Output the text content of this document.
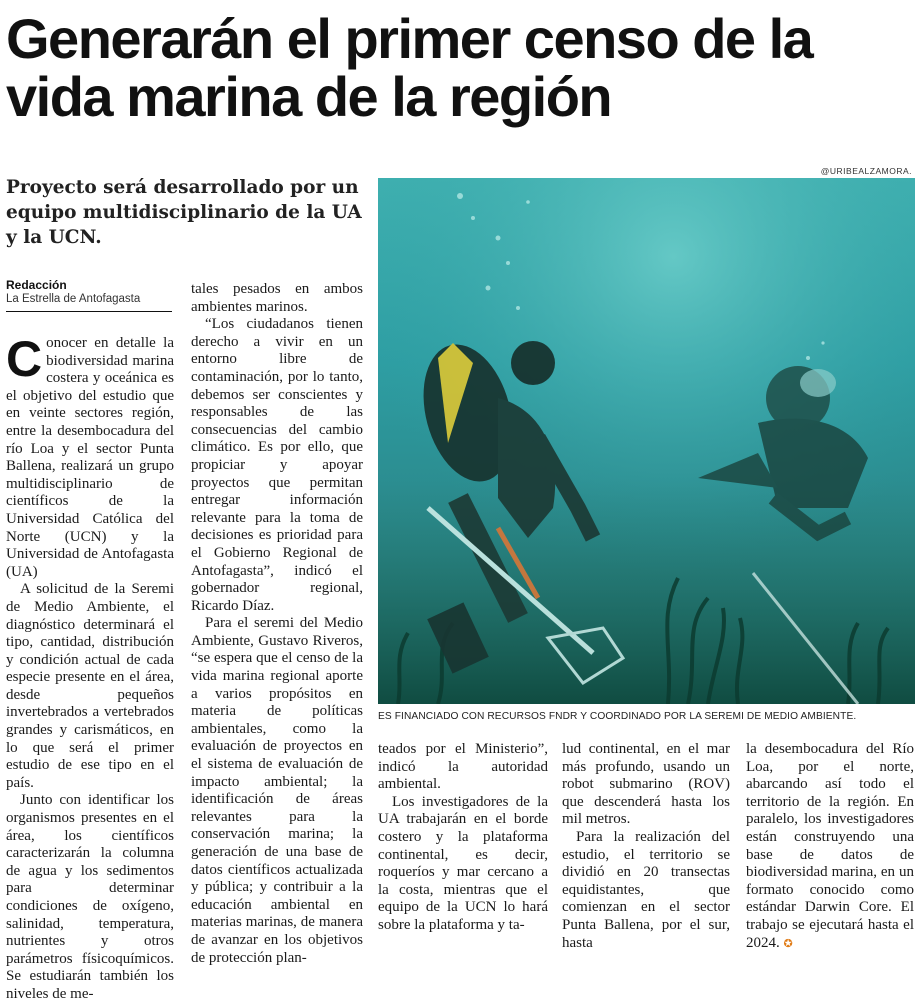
Generarán el primer censo de la vida marina de la región
Proyecto será desarrollado por un equipo multidisciplinario de la UA y la UCN.
Redacción
La Estrella de Antofagasta

Conocer en detalle la biodiversidad marina costera y oceánica es el objetivo del estudio que en veinte sectores región, entre la desembocadura del río Loa y el sector Punta Ballena, realizará un grupo multidisciplinario de científicos de la Universidad Católica del Norte (UCN) y la Universidad de Antofagasta (UA)

A solicitud de la Seremi de Medio Ambiente, el diagnóstico determinará el tipo, cantidad, distribución y condición actual de cada especie presente en el área, desde pequeños invertebrados a vertebrados grandes y carismáticos, en lo que será el primer estudio de ese tipo en el país.

Junto con identificar los organismos presentes en el área, los científicos caracterizarán la columna de agua y los sedimentos para determinar condiciones de oxígeno, salinidad, temperatura, nutrientes y otros parámetros físicoquímicos. Se estudiarán también los niveles de me-

tales pesados en ambos ambientes marinos.

“Los ciudadanos tienen derecho a vivir en un entorno libre de contaminación, por lo tanto, debemos ser conscientes y responsables de las consecuencias del cambio climático. Es por ello, que propiciar y apoyar proyectos que permitan entregar información relevante para la toma de decisiones es prioridad para el Gobierno Regional de Antofagasta”, indicó el gobernador regional, Ricardo Díaz.

Para el seremi del Medio Ambiente, Gustavo Riveros, “se espera que el censo de la vida marina regional aporte a varios propósitos en materia de políticas ambientales, como la evaluación de proyectos en el sistema de evaluación de impacto ambiental; la identificación de áreas relevantes para la conservación marina; la generación de una base de datos científicos actualizada y pública; y contribuir a la educación ambiental en materias marinas, de manera de avanzar en los objetivos de protección plan-

@URIBEALZAMORA.
ES FINANCIADO CON RECURSOS FNDR Y COORDINADO POR LA SEREMI DE MEDIO AMBIENTE.

teados por el Ministerio”, indicó la autoridad ambiental.

Los investigadores de la UA trabajarán en el borde costero y la plataforma continental, es decir, roqueríos y mar cercano a la costa, mientras que el equipo de la UCN lo hará sobre la plataforma y ta-

lud continental, en el mar más profundo, usando un robot submarino (ROV) que descenderá hasta los mil metros.

Para la realización del estudio, el territorio se dividió en 20 transectas equidistantes, que comienzan en el sector Punta Ballena, por el sur, hasta

la desembocadura del Río Loa, por el norte, abarcando así todo el territorio de la región. En paralelo, los investigadores están construyendo una base de datos de biodiversidad marina, en un formato conocido como estándar Darwin Core. El trabajo se ejecutará hasta el 2024. ✪
